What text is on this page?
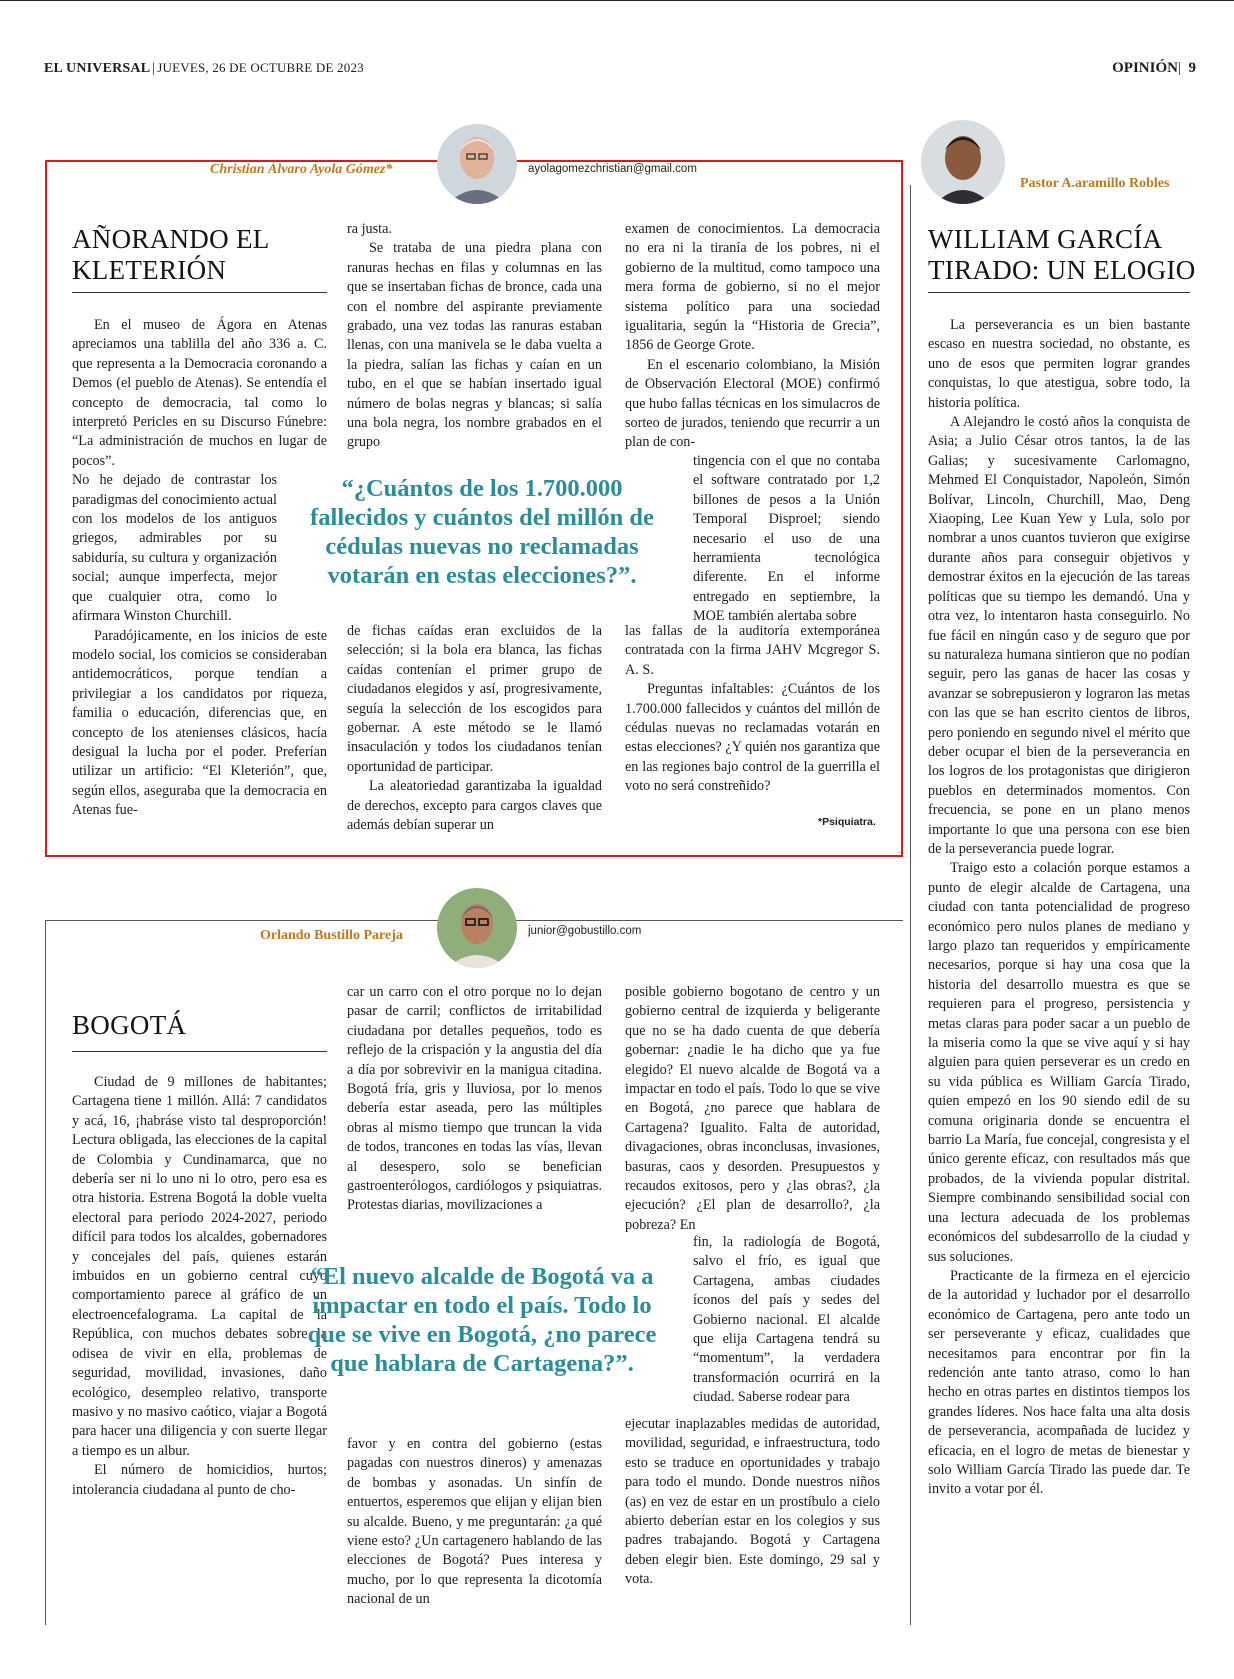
EL UNIVERSAL | JUEVES, 26 DE OCTUBRE DE 2023	OPINIÓN| 9
Christian Álvaro Ayola Gómez*	ayolagomezchristian@gmail.com
AÑORANDO EL KLETERIÓN

En el museo de Ágora en Atenas apreciamos una tablilla del año 336 a. C. que representa a la Democracia coronando a Demos (el pueblo de Atenas). Se entendía el concepto de democracia, tal como lo interpretó Pericles en su Discurso Fúnebre: “La administración de muchos en lugar de pocos”.

No he dejado de contrastar los paradigmas del conocimiento actual con los modelos de los antiguos griegos, admirables por su sabiduría, su cultura y organización social; aunque imperfecta, mejor que cualquier otra, como lo afirmara Winston Churchill.

Paradójicamente, en los inicios de este modelo social, los comicios se consideraban antidemocráticos, porque tendían a privilegiar a los candidatos por riqueza, familia o educación, diferencias que, en concepto de los atenienses clásicos, hacía desigual la lucha por el poder. Preferían utilizar un artificio: “El Kleterión”, que, según ellos, aseguraba que la democracia en Atenas fue-

ra justa.

Se trataba de una piedra plana con ranuras hechas en filas y columnas en las que se insertaban fichas de bronce, cada una con el nombre del aspirante previamente grabado, una vez todas las ranuras estaban llenas, con una manivela se le daba vuelta a la piedra, salían las fichas y caían en un tubo, en el que se habían insertado igual número de bolas negras y blancas; si salía una bola negra, los nombre grabados en el grupo

“¿Cuántos de los 1.700.000 fallecidos y cuántos del millón de cédulas nuevas no reclamadas votarán en estas elecciones?”.

de fichas caídas eran excluidos de la selección; si la bola era blanca, las fichas caídas contenían el primer grupo de ciudadanos elegidos y así, progresivamente, seguía la selección de los escogidos para gobernar. A este método se le llamó insaculación y todos los ciudadanos tenían oportunidad de participar.

La aleatoriedad garantizaba la igualdad de derechos, excepto para cargos claves que además debían superar un

examen de conocimientos. La democracia no era ni la tiranía de los pobres, ni el gobierno de la multitud, como tampoco una mera forma de gobierno, si no el mejor sistema político para una sociedad igualitaria, según la “Historia de Grecia”, 1856 de George Grote.

En el escenario colombiano, la Misión de Observación Electoral (MOE) confirmó que hubo fallas técnicas en los simulacros de sorteo de jurados, teniendo que recurrir a un plan de con-

tingencia con el que no contaba el software contratado por 1,2 billones de pesos a la Unión Temporal Disproel; siendo necesario el uso de una herramienta tecnológica diferente. En el informe entregado en septiembre, la MOE también alertaba sobre

las fallas de la auditoría extemporánea contratada con la firma JAHV Mcgregor S. A. S.

Preguntas infaltables: ¿Cuántos de los 1.700.000 fallecidos y cuántos del millón de cédulas nuevas no reclamadas votarán en estas elecciones? ¿Y quién nos garantiza que en las regiones bajo control de la guerrilla el voto no será constreñido?

*Psiquiatra.
Orlando Bustillo Pareja	junior@gobustillo.com
BOGOTÁ

Ciudad de 9 millones de habitantes; Cartagena tiene 1 millón. Allá: 7 candidatos y acá, 16, ¡habráse visto tal desproporción! Lectura obligada, las elecciones de la capital de Colombia y Cundinamarca, que no debería ser ni lo uno ni lo otro, pero esa es otra historia. Estrena Bogotá la doble vuelta electoral para periodo 2024-2027, periodo difícil para todos los alcaldes, gobernadores y concejales del país, quienes estarán imbuidos en un gobierno central cuyo comportamiento parece al gráfico de un electroencefalograma. La capital de la República, con muchos debates sobre la odisea de vivir en ella, problemas de seguridad, movilidad, invasiones, daño ecológico, desempleo relativo, transporte masivo y no masivo caótico, viajar a Bogotá para hacer una diligencia y con suerte llegar a tiempo es un albur.

El número de homicidios, hurtos; intolerancia ciudadana al punto de cho-

car un carro con el otro porque no lo dejan pasar de carril; conflictos de irritabilidad ciudadana por detalles pequeños, todo es reflejo de la crispación y la angustia del día a día por sobrevivir en la manigua citadina. Bogotá fría, gris y lluviosa, por lo menos debería estar aseada, pero las múltiples obras al mismo tiempo que truncan la vida de todos, trancones en todas las vías, llevan al desespero, solo se benefician gastroenterólogos, cardiólogos y psiquiatras. Protestas diarias, movilizaciones a

“El nuevo alcalde de Bogotá va a impactar en todo el país. Todo lo que se vive en Bogotá, ¿no parece que hablara de Cartagena?”.

favor y en contra del gobierno (estas pagadas con nuestros dineros) y amenazas de bombas y asonadas. Un sinfín de entuertos, esperemos que elijan y elijan bien su alcalde. Bueno, y me preguntarán: ¿a qué viene esto? ¿Un cartagenero hablando de las elecciones de Bogotá? Pues interesa y mucho, por lo que representa la dicotomía nacional de un

posible gobierno bogotano de centro y un gobierno central de izquierda y beligerante que no se ha dado cuenta de que debería gobernar: ¿nadie le ha dicho que ya fue elegido? El nuevo alcalde de Bogotá va a impactar en todo el país. Todo lo que se vive en Bogotá, ¿no parece que hablara de Cartagena? Igualito. Falta de autoridad, divagaciones, obras inconclusas, invasiones, basuras, caos y desorden. Presupuestos y recaudos exitosos, pero y ¿las obras?, ¿la ejecución? ¿El plan de desarrollo?, ¿la pobreza? En

fin, la radiología de Bogotá, salvo el frío, es igual que Cartagena, ambas ciudades íconos del país y sedes del Gobierno nacional. El alcalde que elija Cartagena tendrá su “momentum”, la verdadera transformación ocurrirá en la ciudad. Saberse rodear para

ejecutar inaplazables medidas de autoridad, movilidad, seguridad, e infraestructura, todo esto se traduce en oportunidades y trabajo para todo el mundo. Donde nuestros niños (as) en vez de estar en un prostíbulo a cielo abierto deberían estar en los colegios y sus padres trabajando. Bogotá y Cartagena deben elegir bien. Este domingo, 29 sal y vota.

Pastor A.aramillo Robles
WILLIAM GARCÍA TIRADO: UN ELOGIO

La perseverancia es un bien bastante escaso en nuestra sociedad, no obstante, es uno de esos que permiten lograr grandes conquistas, lo que atestigua, sobre todo, la historia política.

A Alejandro le costó años la conquista de Asia; a Julio César otros tantos, la de las Galias; y sucesivamente Carlomagno, Mehmed El Conquistador, Napoleón, Simón Bolívar, Lincoln, Churchill, Mao, Deng Xiaoping, Lee Kuan Yew y Lula, solo por nombrar a unos cuantos tuvieron que exigirse durante años para conseguir objetivos y demostrar éxitos en la ejecución de las tareas políticas que su tiempo les demandó. Una y otra vez, lo intentaron hasta conseguirlo. No fue fácil en ningún caso y de seguro que por su naturaleza humana sintieron que no podían seguir, pero las ganas de hacer las cosas y avanzar se sobrepusieron y lograron las metas con las que se han escrito cientos de libros, pero poniendo en segundo nivel el mérito que deber ocupar el bien de la perseverancia en los logros de los protagonistas que dirigieron pueblos en determinados momentos. Con frecuencia, se pone en un plano menos importante lo que una persona con ese bien de la perseverancia puede lograr.

Traigo esto a colación porque estamos a punto de elegir alcalde de Cartagena, una ciudad con tanta potencialidad de progreso económico pero nulos planes de mediano y largo plazo tan requeridos y empíricamente necesarios, porque si hay una cosa que la historia del desarrollo muestra es que se requieren para el progreso, persistencia y metas claras para poder sacar a un pueblo de la miseria como la que se vive aquí y si hay alguien para quien perseverar es un credo en su vida pública es William García Tirado, quien empezó en los 90 siendo edil de su comuna originaria donde se encuentra el barrio La María, fue concejal, congresista y el único gerente eficaz, con resultados más que probados, de la vivienda popular distrital. Siempre combinando sensibilidad social con una lectura adecuada de los problemas económicos del subdesarrollo de la ciudad y sus soluciones.

Practicante de la firmeza en el ejercicio de la autoridad y luchador por el desarrollo económico de Cartagena, pero ante todo un ser perseverante y eficaz, cualidades que necesitamos para encontrar por fin la redención ante tanto atraso, como lo han hecho en otras partes en distintos tiempos los grandes líderes. Nos hace falta una alta dosis de perseverancia, acompañada de lucidez y eficacia, en el logro de metas de bienestar y solo William García Tirado las puede dar. Te invito a votar por él.
